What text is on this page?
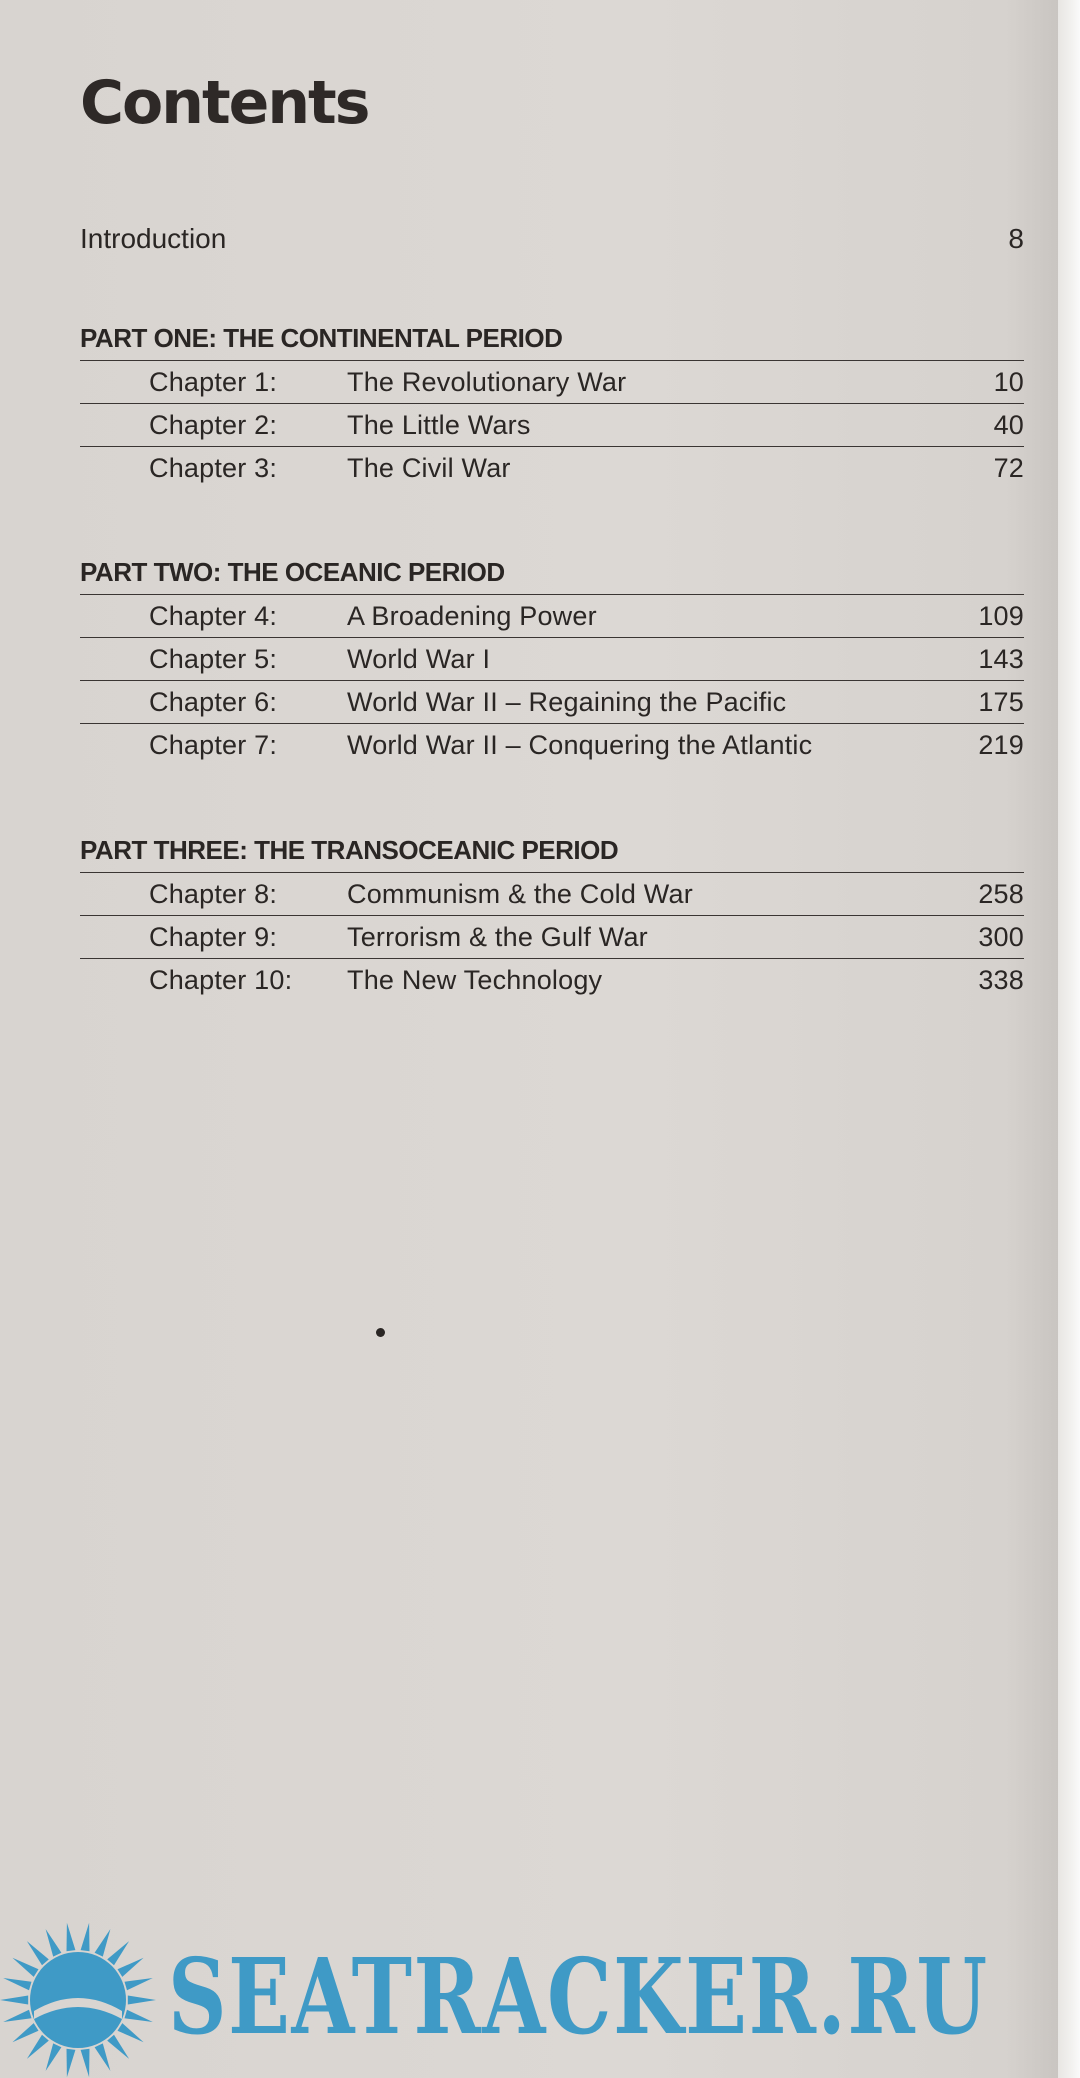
Contents
Introduction	8
PART ONE: THE CONTINENTAL PERIOD
Chapter 1:	The Revolutionary War	10
Chapter 2:	The Little Wars	40
Chapter 3:	The Civil War	72
PART TWO: THE OCEANIC PERIOD
Chapter 4:	A Broadening Power	109
Chapter 5:	World War I	143
Chapter 6:	World War II – Regaining the Pacific	175
Chapter 7:	World War II – Conquering the Atlantic	219
PART THREE: THE TRANSOCEANIC PERIOD
Chapter 8:	Communism & the Cold War	258
Chapter 9:	Terrorism & the Gulf War	300
Chapter 10:	The New Technology	338
SEATRACKER.RU
